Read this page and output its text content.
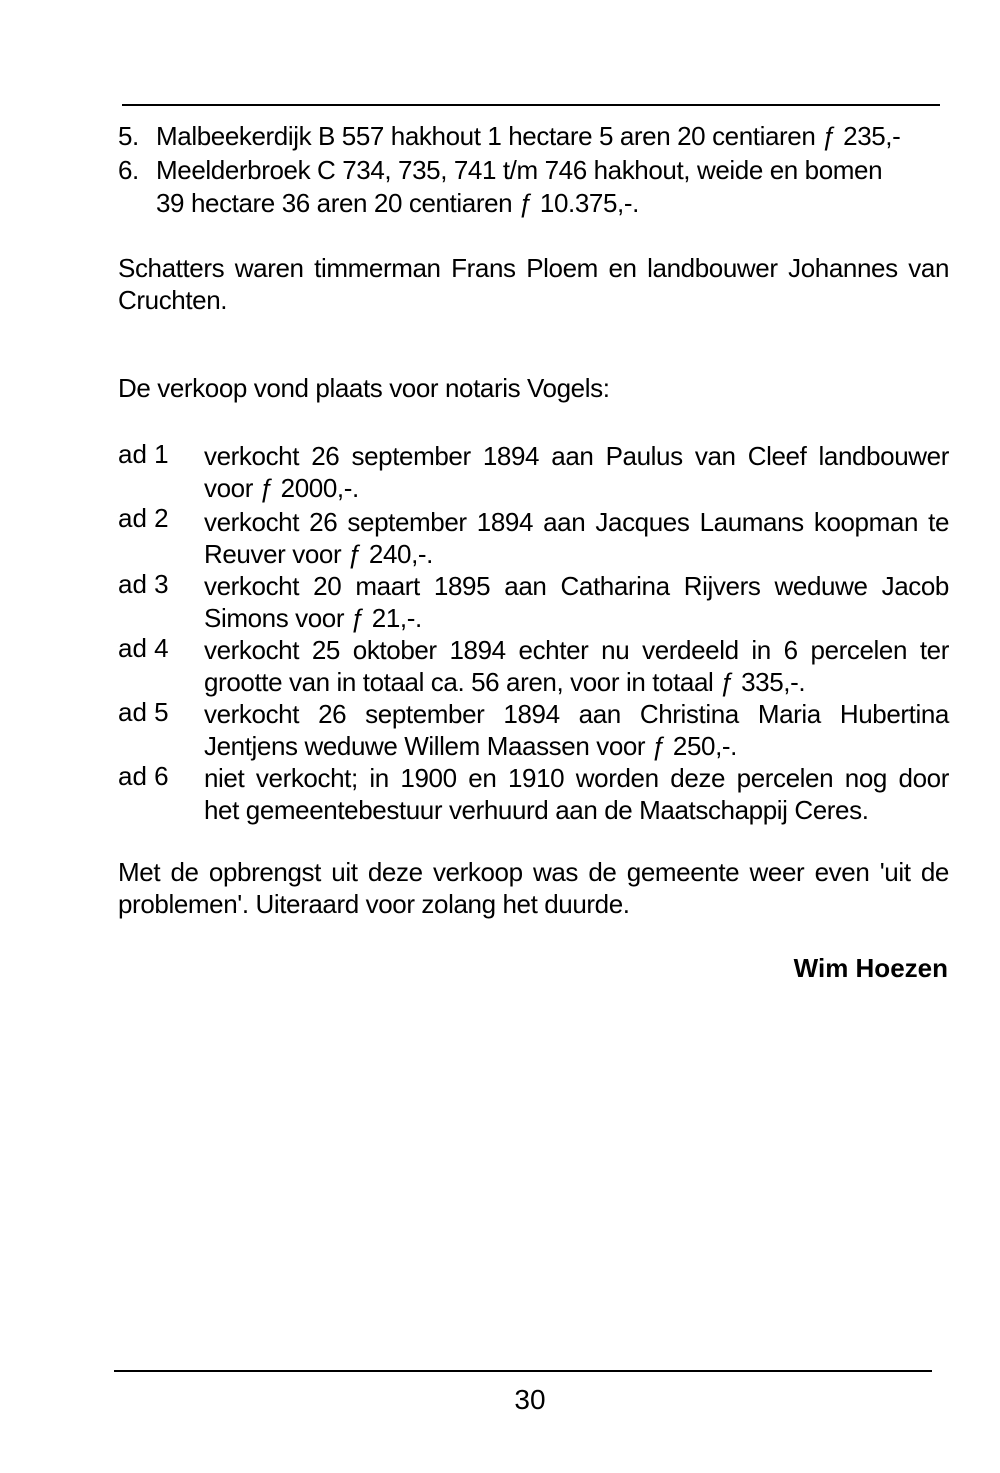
5. Malbeekerdijk B 557 hakhout 1 hectare 5 aren 20 centiaren ƒ 235,-
6. Meelderbroek C 734, 735, 741 t/m 746 hakhout, weide en bomen
39 hectare 36 aren 20 centiaren ƒ 10.375,-.
Schatters waren timmerman Frans Ploem en landbouwer Johannes van
Cruchten.
De verkoop vond plaats voor notaris Vogels:
ad 1 verkocht 26 september 1894 aan Paulus van Cleef landbouwer
voor ƒ 2000,-.
ad 2 verkocht 26 september 1894 aan Jacques Laumans koopman te
Reuver voor ƒ 240,-.
ad 3 verkocht 20 maart 1895 aan Catharina Rijvers weduwe Jacob
Simons voor ƒ 21,-.
ad 4 verkocht 25 oktober 1894 echter nu verdeeld in 6 percelen ter
grootte van in totaal ca. 56 aren, voor in totaal ƒ 335,-.
ad 5 verkocht 26 september 1894 aan Christina Maria Hubertina
Jentjens weduwe Willem Maassen voor ƒ 250,-.
ad 6 niet verkocht; in 1900 en 1910 worden deze percelen nog door
het gemeentebestuur verhuurd aan de Maatschappij Ceres.
Met de opbrengst uit deze verkoop was de gemeente weer even 'uit de
problemen'. Uiteraard voor zolang het duurde.
Wim Hoezen
30
